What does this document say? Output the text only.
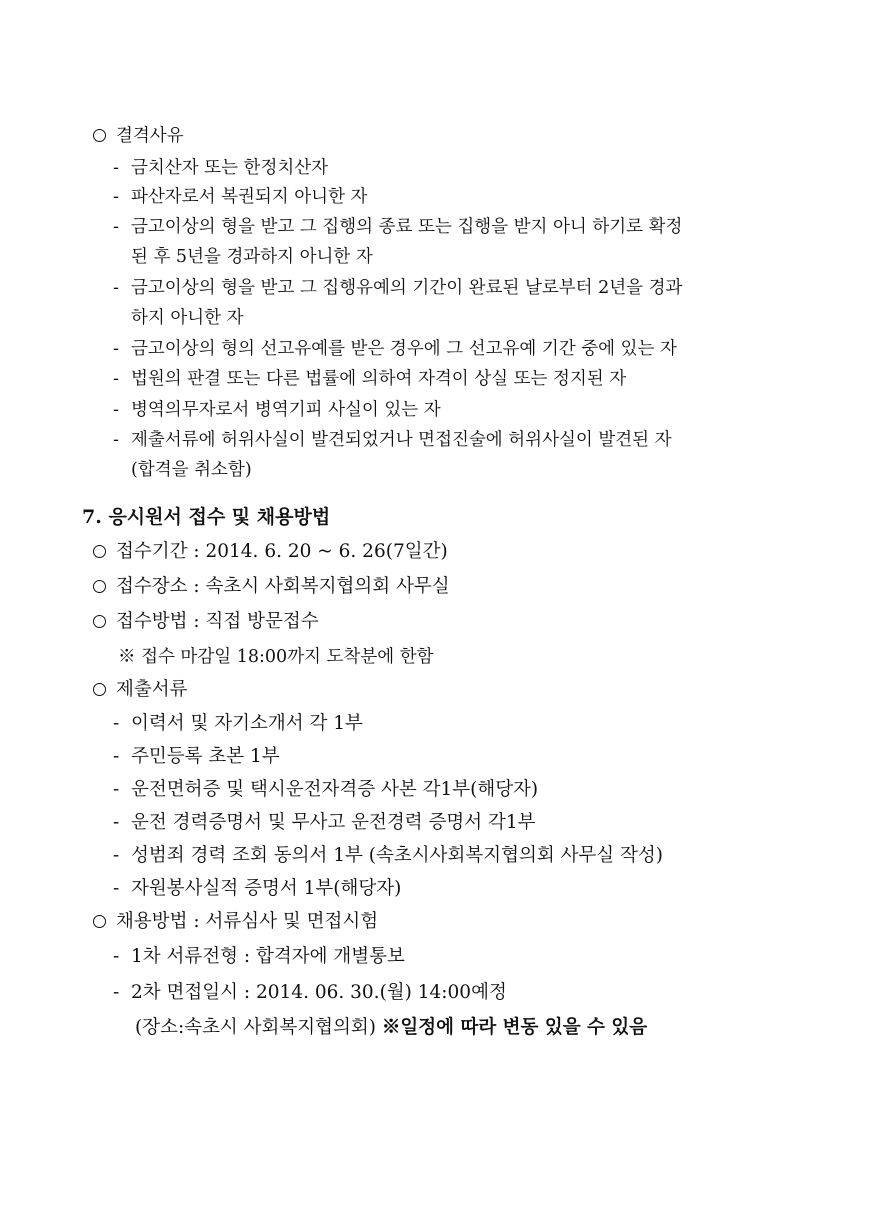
결격사유
- 금치산자 또는 한정치산자
- 파산자로서 복권되지 아니한 자
- 금고이상의 형을 받고 그 집행의 종료 또는 집행을 받지 아니 하기로 확정
된 후 5년을 경과하지 아니한 자
- 금고이상의 형을 받고 그 집행유예의 기간이 완료된 날로부터 2년을 경과
하지 아니한 자
- 금고이상의 형의 선고유예를 받은 경우에 그 선고유예 기간 중에 있는 자
- 법원의 판결 또는 다른 법률에 의하여 자격이 상실 또는 정지된 자
- 병역의무자로서 병역기피 사실이 있는 자
- 제출서류에 허위사실이 발견되었거나 면접진술에 허위사실이 발견된 자
(합격을 취소함)
7. 응시원서 접수 및 채용방법
접수기간 : 2014. 6. 20 ~ 6. 26(7일간)
접수장소 : 속초시 사회복지협의회 사무실
접수방법 : 직접 방문접수
※ 접수 마감일 18:00까지 도착분에 한함
제출서류
- 이력서 및 자기소개서 각 1부
- 주민등록 초본 1부
- 운전면허증 및 택시운전자격증 사본 각1부(해당자)
- 운전 경력증명서 및 무사고 운전경력 증명서 각1부
- 성범죄 경력 조회 동의서 1부 (속초시사회복지협의회 사무실 작성)
- 자원봉사실적 증명서 1부(해당자)
채용방법 : 서류심사 및 면접시험
- 1차 서류전형 : 합격자에 개별통보
- 2차 면접일시 : 2014. 06. 30.(월) 14:00예정
(장소:속초시 사회복지협의회) ※일정에 따라 변동 있을 수 있음
